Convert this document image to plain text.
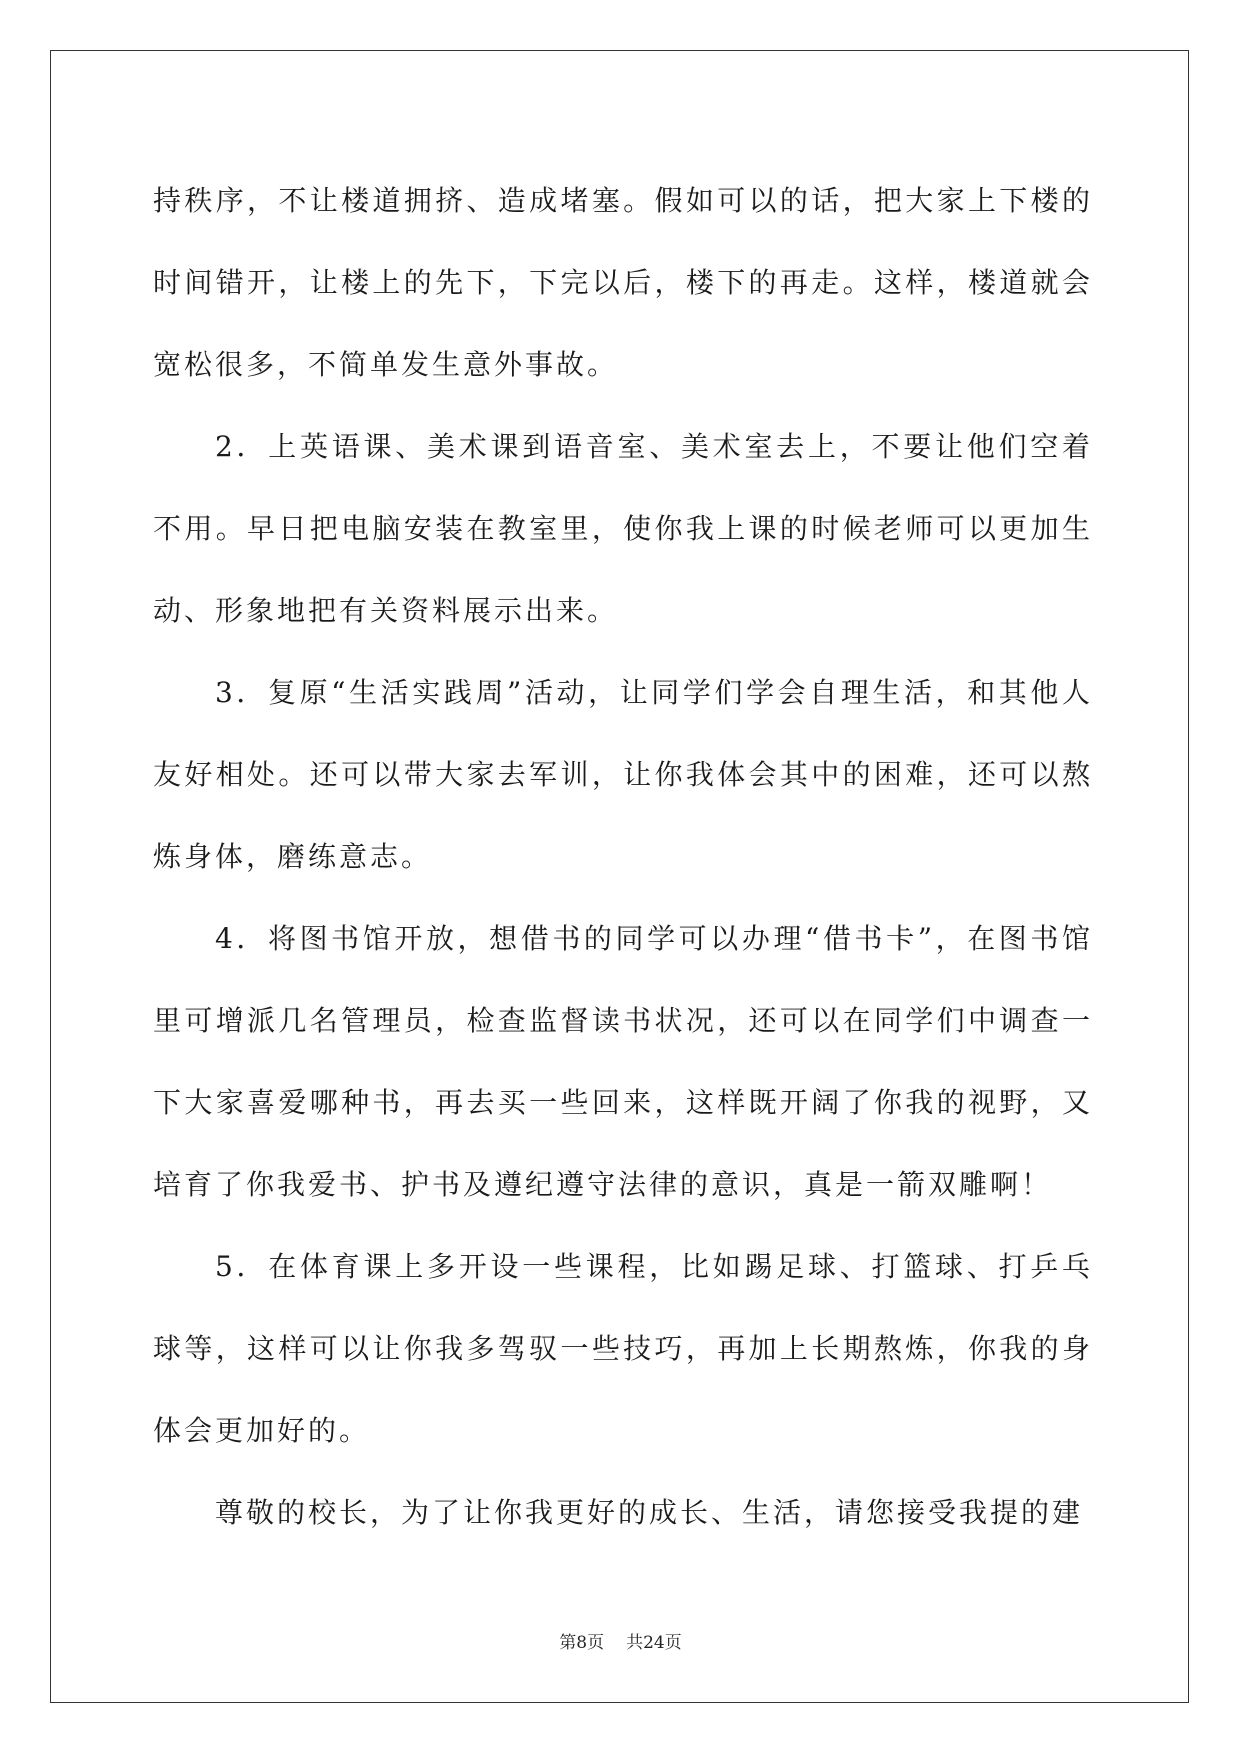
持秩序，不让楼道拥挤、造成堵塞。假如可以的话，把大家上下楼的时间错开，让楼上的先下，下完以后，楼下的再走。这样，楼道就会宽松很多，不简单发生意外事故。

2．上英语课、美术课到语音室、美术室去上，不要让他们空着不用。早日把电脑安装在教室里，使你我上课的时候老师可以更加生动、形象地把有关资料展示出来。

3．复原“生活实践周”活动，让同学们学会自理生活，和其他人友好相处。还可以带大家去军训，让你我体会其中的困难，还可以熬炼身体，磨练意志。

4．将图书馆开放，想借书的同学可以办理“借书卡”，在图书馆里可增派几名管理员，检查监督读书状况，还可以在同学们中调查一下大家喜爱哪种书，再去买一些回来，这样既开阔了你我的视野，又培育了你我爱书、护书及遵纪遵守法律的意识，真是一箭双雕啊！

5．在体育课上多开设一些课程，比如踢足球、打篮球、打乒乓球等，这样可以让你我多驾驭一些技巧，再加上长期熬炼，你我的身体会更加好的。

尊敬的校长，为了让你我更好的成长、生活，请您接受我提的建

第8页 共24页
